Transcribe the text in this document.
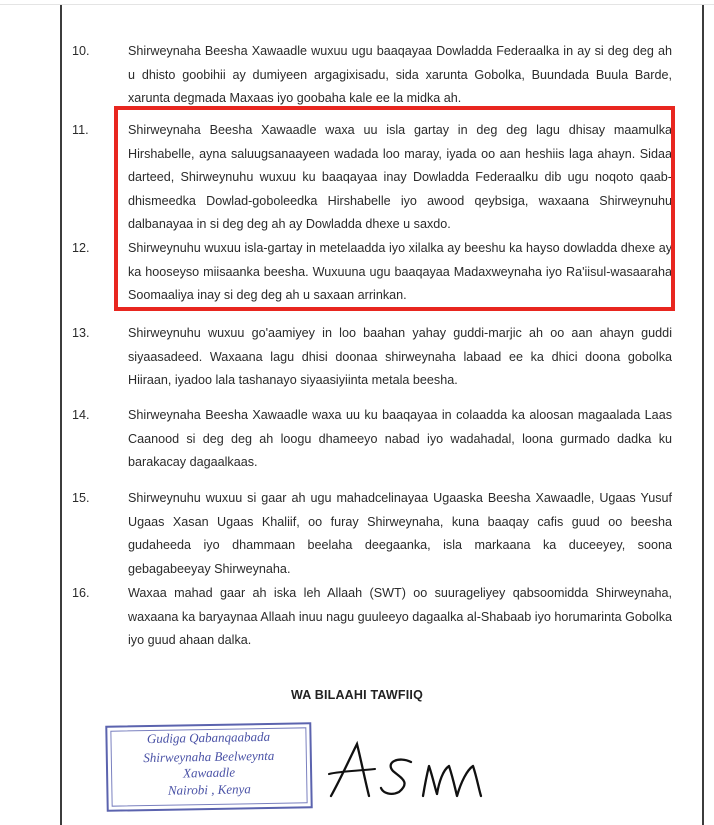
10.	Shirweynaha Beesha Xawaadle wuxuu ugu baaqayaa Dowladda Federaalka in ay si deg deg ah u dhisto goobihii ay dumiyeen argagixisadu, sida xarunta Gobolka, Buundada Buula Barde, xarunta degmada Maxaas iyo goobaha kale ee la midka ah.
11.	Shirweynaha Beesha Xawaadle waxa uu isla gartay in deg deg lagu dhisay maamulka Hirshabelle, ayna saluugsanaayeen wadada loo maray, iyada oo aan heshiis laga ahayn. Sidaa darteed, Shirweynuhu wuxuu ku baaqayaa inay Dowladda Federaalku dib ugu noqoto qaab-dhismeedka Dowlad-goboleedka Hirshabelle iyo awood qeybsiga, waxaana Shirweynuhu dalbanayaa in si deg deg ah ay Dowladda dhexe u saxdo.
12.	Shirweynuhu wuxuu isla-gartay in metelaadda iyo xilalka ay beeshu ka hayso dowladda dhexe ay ka hooseyso miisaanka beesha. Wuxuuna ugu baaqayaa Madaxweynaha iyo Ra'iisul-wasaaraha Soomaaliya inay si deg deg ah u saxaan arrinkan.
13.	Shirweynuhu wuxuu go'aamiyey in loo baahan yahay guddi-marjic ah oo aan ahayn guddi siyaasadeed. Waxaana lagu dhisi doonaa shirweynaha labaad ee ka dhici doona gobolka Hiiraan, iyadoo lala tashanayo siyaasiyiinta metala beesha.
14.	Shirweynaha Beesha Xawaadle waxa uu ku baaqayaa in colaadda ka aloosan magaalada Laas Caanood si deg deg ah loogu dhameeyo nabad iyo wadahadal, loona gurmado dadka ku barakacay dagaalkaas.
15.	Shirweynuhu wuxuu si gaar ah ugu mahadcelinayaa Ugaaska Beesha Xawaadle, Ugaas Yusuf Ugaas Xasan Ugaas Khaliif, oo furay Shirweynaha, kuna baaqay cafis guud oo beesha gudaheeda iyo dhammaan beelaha deegaanka, isla markaana ka duceeyey, soona gebagabeeyay Shirweynaha.
16.	Waxaa mahad gaar ah iska leh Allaah (SWT) oo suurageliyey qabsoomidda Shirweynaha, waxaana ka baryaynaa Allaah inuu nagu guuleeyo dagaalka al-Shabaab iyo horumarinta Gobolka iyo guud ahaan dalka.
WA BILAAHI TAWFIIQ
Gudiga Qabanqaabada
Shirweynaha Beelweynta
Xawaadle
Nairobi , Kenya
